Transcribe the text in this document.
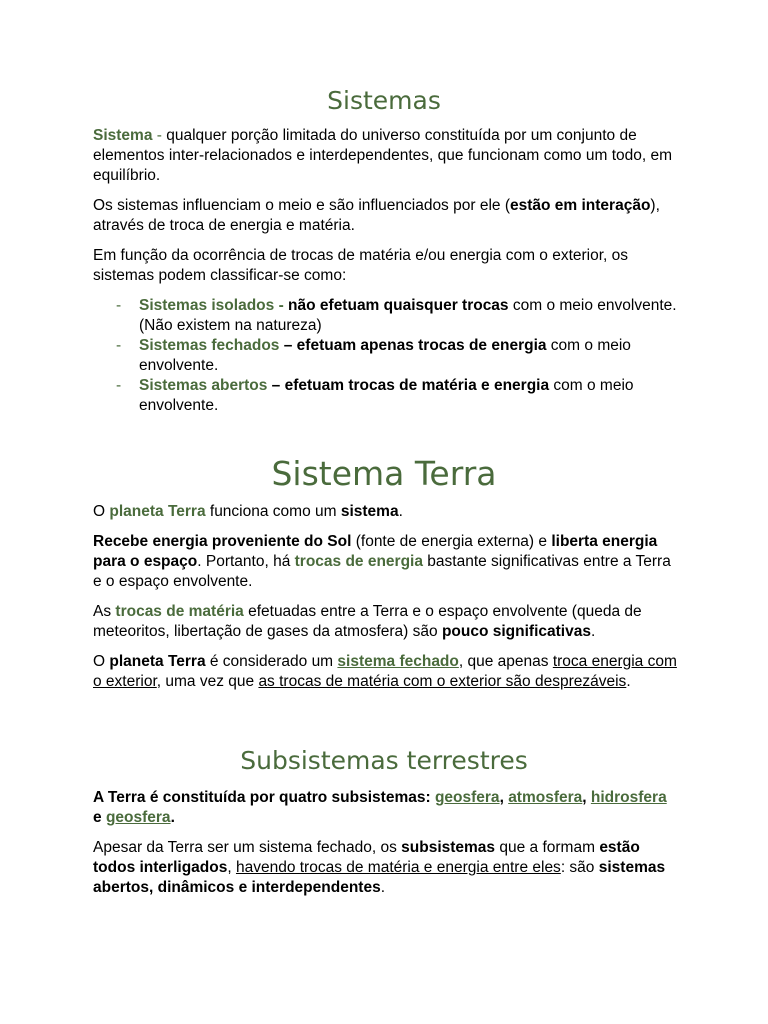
Sistemas

Sistema - qualquer porção limitada do universo constituída por um conjunto de elementos inter-relacionados e interdependentes, que funcionam como um todo, em equilíbrio.

Os sistemas influenciam o meio e são influenciados por ele (estão em interação), através de troca de energia e matéria.

Em função da ocorrência de trocas de matéria e/ou energia com o exterior, os sistemas podem classificar-se como:

- Sistemas isolados - não efetuam quaisquer trocas com o meio envolvente. (Não existem na natureza)
- Sistemas fechados – efetuam apenas trocas de energia com o meio envolvente.
- Sistemas abertos – efetuam trocas de matéria e energia com o meio envolvente.
Sistema Terra

O planeta Terra funciona como um sistema.

Recebe energia proveniente do Sol (fonte de energia externa) e liberta energia para o espaço. Portanto, há trocas de energia bastante significativas entre a Terra e o espaço envolvente.

As trocas de matéria efetuadas entre a Terra e o espaço envolvente (queda de meteoritos, libertação de gases da atmosfera) são pouco significativas.

O planeta Terra é considerado um sistema fechado, que apenas troca energia com o exterior, uma vez que as trocas de matéria com o exterior são desprezáveis.

Subsistemas terrestres

A Terra é constituída por quatro subsistemas: geosfera, atmosfera, hidrosfera e geosfera.

Apesar da Terra ser um sistema fechado, os subsistemas que a formam estão todos interligados, havendo trocas de matéria e energia entre eles: são sistemas abertos, dinâmicos e interdependentes.
